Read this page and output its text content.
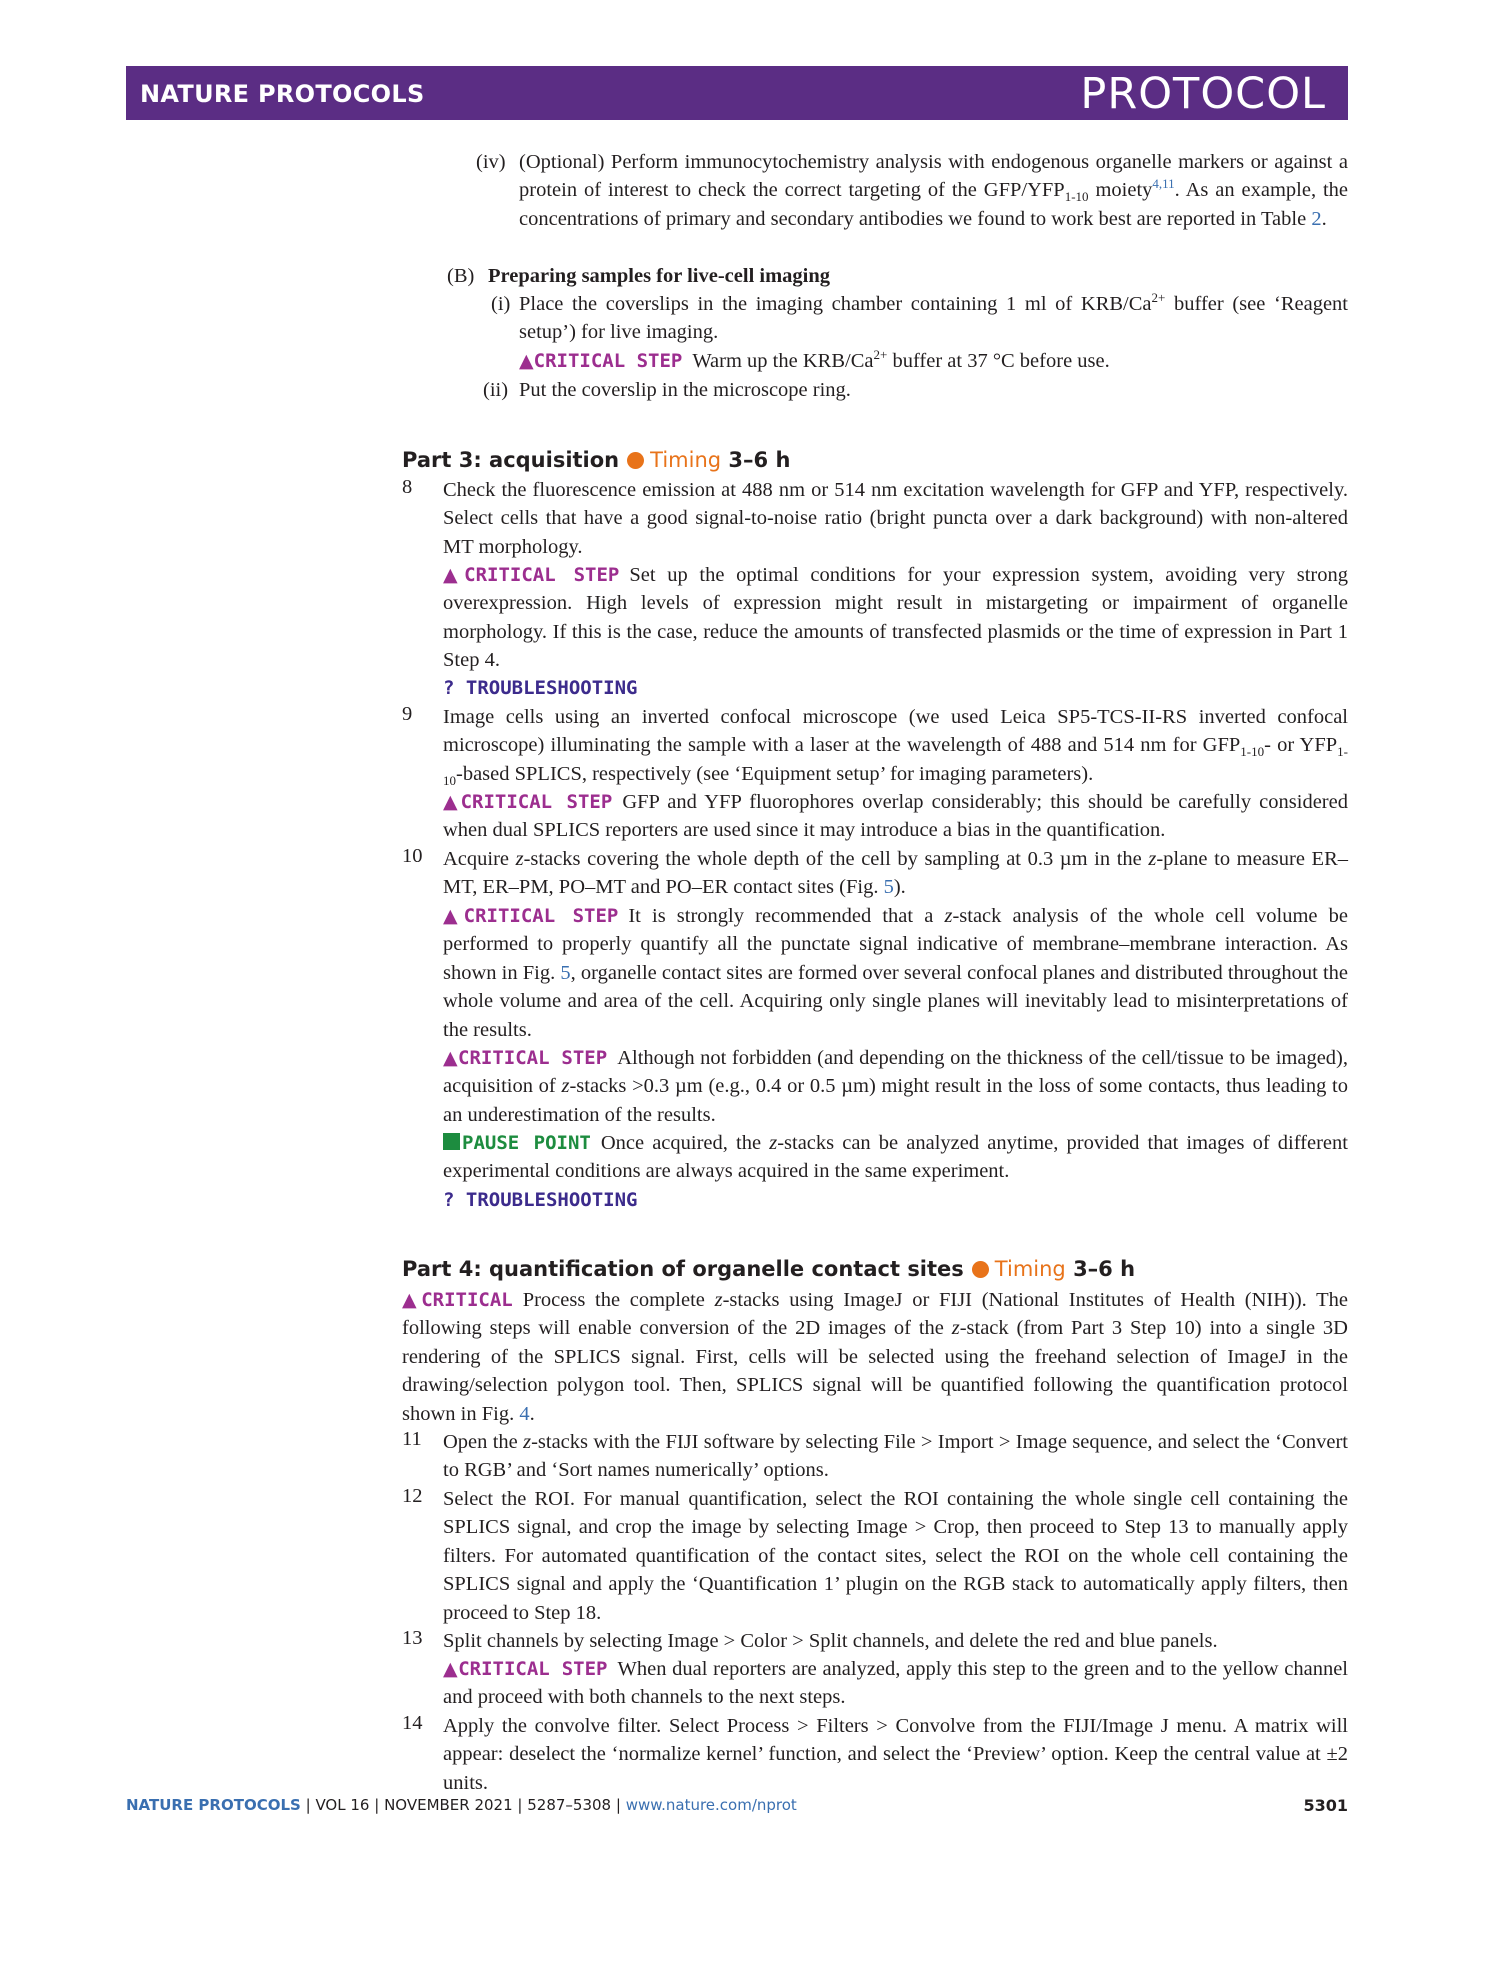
NATURE PROTOCOLS	PROTOCOL
(iv) (Optional) Perform immunocytochemistry analysis with endogenous organelle markers or against a protein of interest to check the correct targeting of the GFP/$YFP_{1-10}$ moiety$^{4,11}$. As an example, the concentrations of primary and secondary antibodies we found to work best are reported in Table 2.
(B) Preparing samples for live-cell imaging
(i) Place the coverslips in the imaging chamber containing 1 ml of KRB/$Ca^{2+}$ buffer (see ‘Reagent setup’) for live imaging.
▲CRITICAL STEP Warm up the KRB/$Ca^{2+}$ buffer at 37 °C before use.
(ii) Put the coverslip in the microscope ring.
Part 3: acquisition Timing 3–6 h
8 Check the fluorescence emission at 488 nm or 514 nm excitation wavelength for GFP and YFP, respectively. Select cells that have a good signal-to-noise ratio (bright puncta over a dark background) with non-altered MT morphology.
▲CRITICAL STEP Set up the optimal conditions for your expression system, avoiding very strong overexpression. High levels of expression might result in mistargeting or impairment of organelle morphology. If this is the case, reduce the amounts of transfected plasmids or the time of expression in Part 1 Step 4.
? TROUBLESHOOTING
9 Image cells using an inverted confocal microscope (we used Leica SP5-TCS-II-RS inverted confocal microscope) illuminating the sample with a laser at the wavelength of 488 and 514 nm for $GFP_{1-10}-$ or $YFP_{1-10}$-based SPLICS, respectively (see ‘Equipment setup’ for imaging parameters).
▲CRITICAL STEP GFP and YFP fluorophores overlap considerably; this should be carefully considered when dual SPLICS reporters are used since it may introduce a bias in the quantification.
10 Acquire z-stacks covering the whole depth of the cell by sampling at 0.3 µm in the z-plane to measure ER–MT, ER–PM, PO–MT and PO–ER contact sites (Fig. 5).
▲CRITICAL STEP It is strongly recommended that a z-stack analysis of the whole cell volume be performed to properly quantify all the punctate signal indicative of membrane–membrane interaction. As shown in Fig. 5, organelle contact sites are formed over several confocal planes and distributed throughout the whole volume and area of the cell. Acquiring only single planes will inevitably lead to misinterpretations of the results.
▲CRITICAL STEP Although not forbidden (and depending on the thickness of the cell/tissue to be imaged), acquisition of z-stacks >0.3 µm (e.g., 0.4 or 0.5 µm) might result in the loss of some contacts, thus leading to an underestimation of the results.
PAUSE POINT Once acquired, the z-stacks can be analyzed anytime, provided that images of different experimental conditions are always acquired in the same experiment.
? TROUBLESHOOTING
Part 4: quantification of organelle contact sites Timing 3–6 h
▲CRITICAL Process the complete z-stacks using ImageJ or FIJI (National Institutes of Health (NIH)). The following steps will enable conversion of the 2D images of the z-stack (from Part 3 Step 10) into a single 3D rendering of the SPLICS signal. First, cells will be selected using the freehand selection of ImageJ in the drawing/selection polygon tool. Then, SPLICS signal will be quantified following the quantification protocol shown in Fig. 4.
11 Open the z-stacks with the FIJI software by selecting File > Import > Image sequence, and select the ‘Convert to RGB’ and ‘Sort names numerically’ options.
12 Select the ROI. For manual quantification, select the ROI containing the whole single cell containing the SPLICS signal, and crop the image by selecting Image > Crop, then proceed to Step 13 to manually apply filters. For automated quantification of the contact sites, select the ROI on the whole cell containing the SPLICS signal and apply the ‘Quantification 1’ plugin on the RGB stack to automatically apply filters, then proceed to Step 18.
13 Split channels by selecting Image > Color > Split channels, and delete the red and blue panels.
▲CRITICAL STEP When dual reporters are analyzed, apply this step to the green and to the yellow channel and proceed with both channels to the next steps.
14 Apply the convolve filter. Select Process > Filters > Convolve from the FIJI/Image J menu. A matrix will appear: deselect the ‘normalize kernel’ function, and select the ‘Preview’ option. Keep the central value at ±2 units.
NATURE PROTOCOLS | VOL 16 | NOVEMBER 2021 | 5287–5308 | www.nature.com/nprot	5301
